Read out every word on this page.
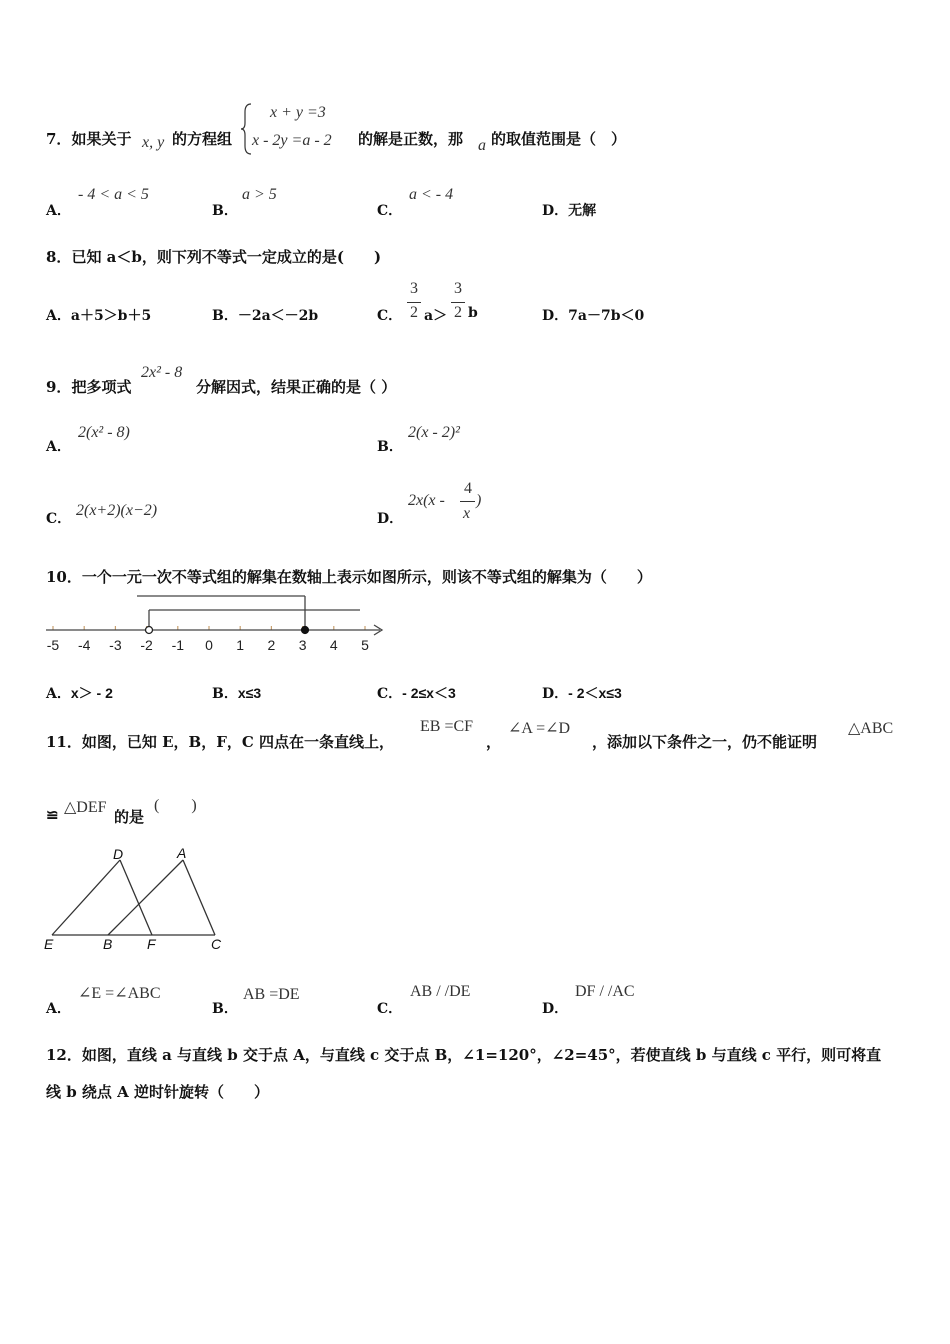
7．如果关于 x, y 的方程组
x + y =3
x - 2y =a - 2 的解是正数，那 a 的取值范围是（　）
A．
- 4 < a < 5
B．
a > 5
C．
a < - 4
D．无解
8．已知 a＜b，则下列不等式一定成立的是(　　)
A．a＋5＞b＋5	B．－2a＜－2b	C．
3
2 a＞
3
2 b	D．7a－7b＜0
9．把多项式
2x² - 8
分解因式，结果正确的是（ ）
A．
2(x² - 8)
B．
2(x - 2)²
C． 2(x+2)(x−2)	D．
2x(x -
4
x
)
10．一个一元一次不等式组的解集在数轴上表示如图所示，则该不等式组的解集为（　　）
-5 -4 -3 -2 -1 0 1 2 3 4 5
A．x＞ - 2	B．x≤3	C．- 2≤x＜3	D．- 2＜x≤3
11．如图，已知 E，B，F，C 四点在一条直线上，
EB =CF
，
∠A =∠D
，添加以下条件之一，仍不能证明
△ABC
≌ △DEF
的是
(　　)
D	A
E	B F	C
A．
∠E =∠ABC
B．
AB =DE
C．
AB / /DE
D．
DF / /AC
12．如图，直线 a 与直线 b 交于点 A，与直线 c 交于点 B，∠1=120°，∠2=45°，若使直线 b 与直线 c 平行，则可将直
线 b 绕点 A 逆时针旋转（　　）
